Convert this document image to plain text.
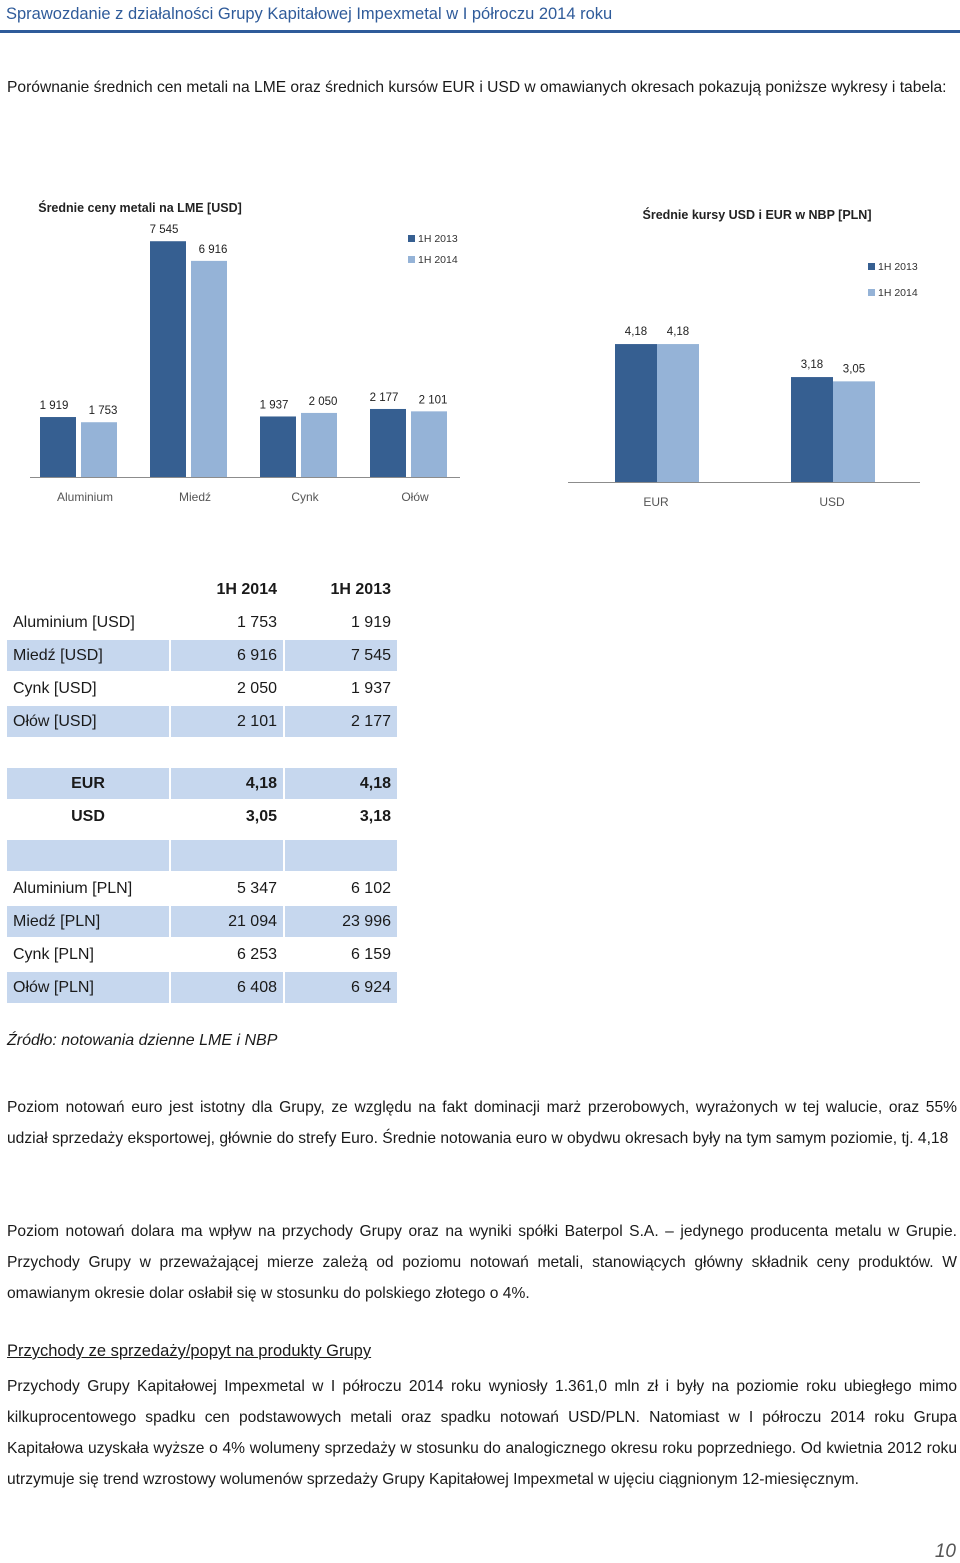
Sprawozdanie z działalności Grupy Kapitałowej Impexmetal w I półroczu 2014 roku

Porównanie średnich cen metali na LME oraz średnich kursów EUR i USD w omawianych okresach pokazują poniższe wykresy i tabela:

Średnie ceny metali na LME [USD]
1 919 1 753
Aluminium
7 545
6 916
Miedź
1 937 2 050
Cynk
2 177 2 101
Ołów
1H 2013
1H 2014
Średnie kursy USD i EUR w NBP [PLN]
4,18 4,18
EUR
3,18 3,05
USD
1H 2013
1H 2014
	1H 2014	1H 2013
Aluminium [USD]	1 753	1 919
Miedź [USD]	6 916	7 545
Cynk [USD]	2 050	1 937
Ołów [USD]	2 101	2 177
EUR	4,18	4,18
USD	3,05	3,18

Aluminium [PLN]	5 347	6 102
Miedź [PLN]	21 094	23 996
Cynk [PLN]	6 253	6 159
Ołów [PLN]	6 408	6 924
Źródło: notowania dzienne LME i NBP

Poziom notowań euro jest istotny dla Grupy, ze względu na fakt dominacji marż przerobowych, wyrażonych w tej walucie, oraz 55% udział sprzedaży eksportowej, głównie do strefy Euro. Średnie notowania euro w obydwu okresach były na tym samym poziomie, tj. 4,18

Poziom notowań dolara ma wpływ na przychody Grupy oraz na wyniki spółki Baterpol S.A. – jedynego producenta metalu w Grupie. Przychody Grupy w przeważającej mierze zależą od poziomu notowań metali, stanowiących główny składnik ceny produktów. W omawianym okresie dolar osłabił się w stosunku do polskiego złotego o 4%.

Przychody ze sprzedaży/popyt na produkty Grupy

Przychody Grupy Kapitałowej Impexmetal w I półroczu 2014 roku wyniosły 1.361,0 mln zł i były na poziomie roku ubiegłego mimo kilkuprocentowego spadku cen podstawowych metali oraz spadku notowań USD/PLN. Natomiast w I półroczu 2014 roku Grupa Kapitałowa uzyskała wyższe o 4% wolumeny sprzedaży w stosunku do analogicznego okresu roku poprzedniego. Od kwietnia 2012 roku utrzymuje się trend wzrostowy wolumenów sprzedaży Grupy Kapitałowej Impexmetal w ujęciu ciągnionym 12-miesięcznym.

10
